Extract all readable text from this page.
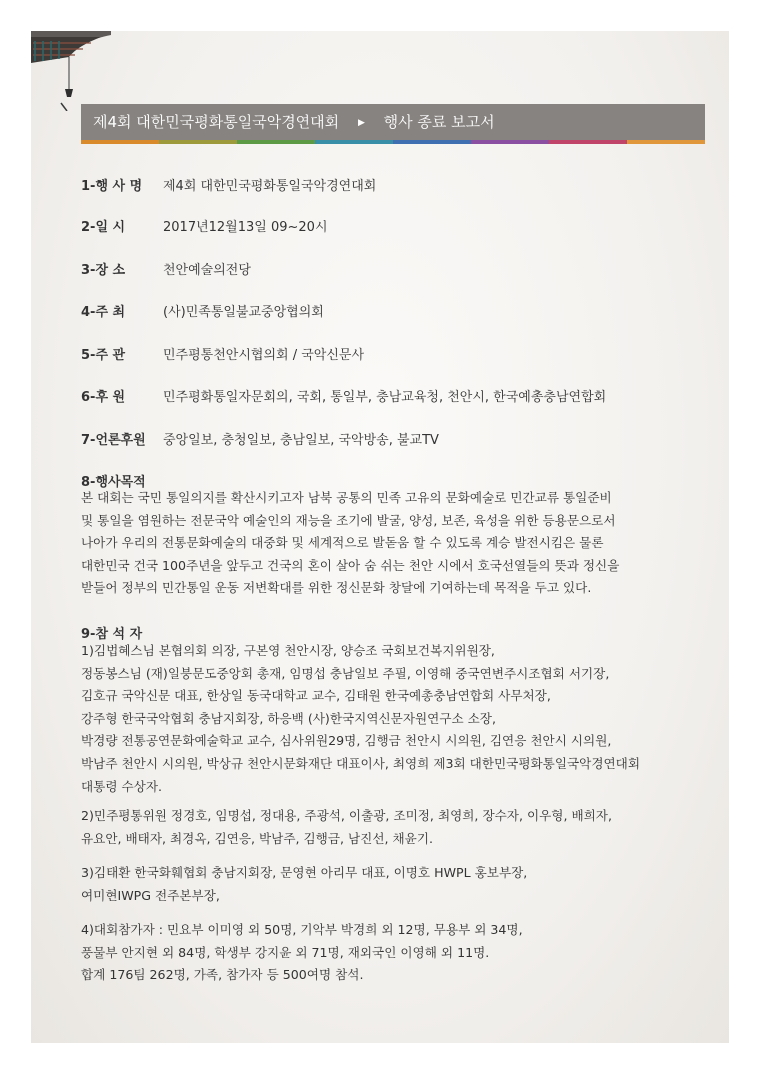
제4회 대한민국평화통일국악경연대회 ▶ 행사 종료 보고서
1-행 사 명 제4회 대한민국평화통일국악경연대회
2-일 시	2017년12월13일 09~20시
3-장 소	천안예술의전당
4-주 최	(사)민족통일불교중앙협의회
5-주 관	민주평통천안시협의회 / 국악신문사
6-후 원	민주평화통일자문회의, 국회, 통일부, 충남교육청, 천안시, 한국예총충남연합회
7-언론후원 중앙일보, 충청일보, 충남일보, 국악방송, 불교TV
8-행사목적
본 대회는 국민 통일의지를 확산시키고자 남북 공통의 민족 고유의 문화예술로 민간교류 통일준비
및 통일을 염원하는 전문국악 예술인의 재능을 조기에 발굴, 양성, 보존, 육성을 위한 등용문으로서
나아가 우리의 전통문화예술의 대중화 및 세계적으로 발돋움 할 수 있도록 계승 발전시킴은 물론
대한민국 건국 100주년을 앞두고 건국의 혼이 살아 숨 쉬는 천안 시에서 호국선열들의 뜻과 정신을
받들어 정부의 민간통일 운동 저변확대를 위한 정신문화 창달에 기여하는데 목적을 두고 있다.
9-참 석 자
1)김법혜스님 본협의회 의장, 구본영 천안시장, 양승조 국회보건복지위원장,
정동봉스님 (재)일붕문도중앙회 총재, 임명섭 충남일보 주필, 이영해 중국연변주시조협회 서기장,
김호규 국악신문 대표, 한상일 동국대학교 교수, 김태원 한국예총충남연합회 사무처장,
강주형 한국국악협회 충남지회장, 하응백 (사)한국지역신문자원연구소 소장,
박경량 전통공연문화예술학교 교수, 심사위원29명, 김행금 천안시 시의원, 김연응 천안시 시의원,
박남주 천안시 시의원, 박상규 천안시문화재단 대표이사, 최영희 제3회 대한민국평화통일국악경연대회
대통령 수상자.
2)민주평통위원 정경호, 임명섭, 정대용, 주광석, 이출광, 조미정, 최영희, 장수자, 이우형, 배희자,
유요안, 배태자, 최경옥, 김연응, 박남주, 김행금, 남진선, 채윤기.
3)김태환 한국화훼협회 충남지회장, 문영현 아리무 대표, 이명호 HWPL 홍보부장,
여미현IWPG 전주본부장,
4)대회참가자 : 민요부 이미영 외 50명, 기악부 박경희 외 12명, 무용부 외 34명,
풍물부 안지현 외 84명, 학생부 강지윤 외 71명, 재외국인 이영해 외 11명.
합계 176팀 262명, 가족, 참가자 등 500여명 참석.
